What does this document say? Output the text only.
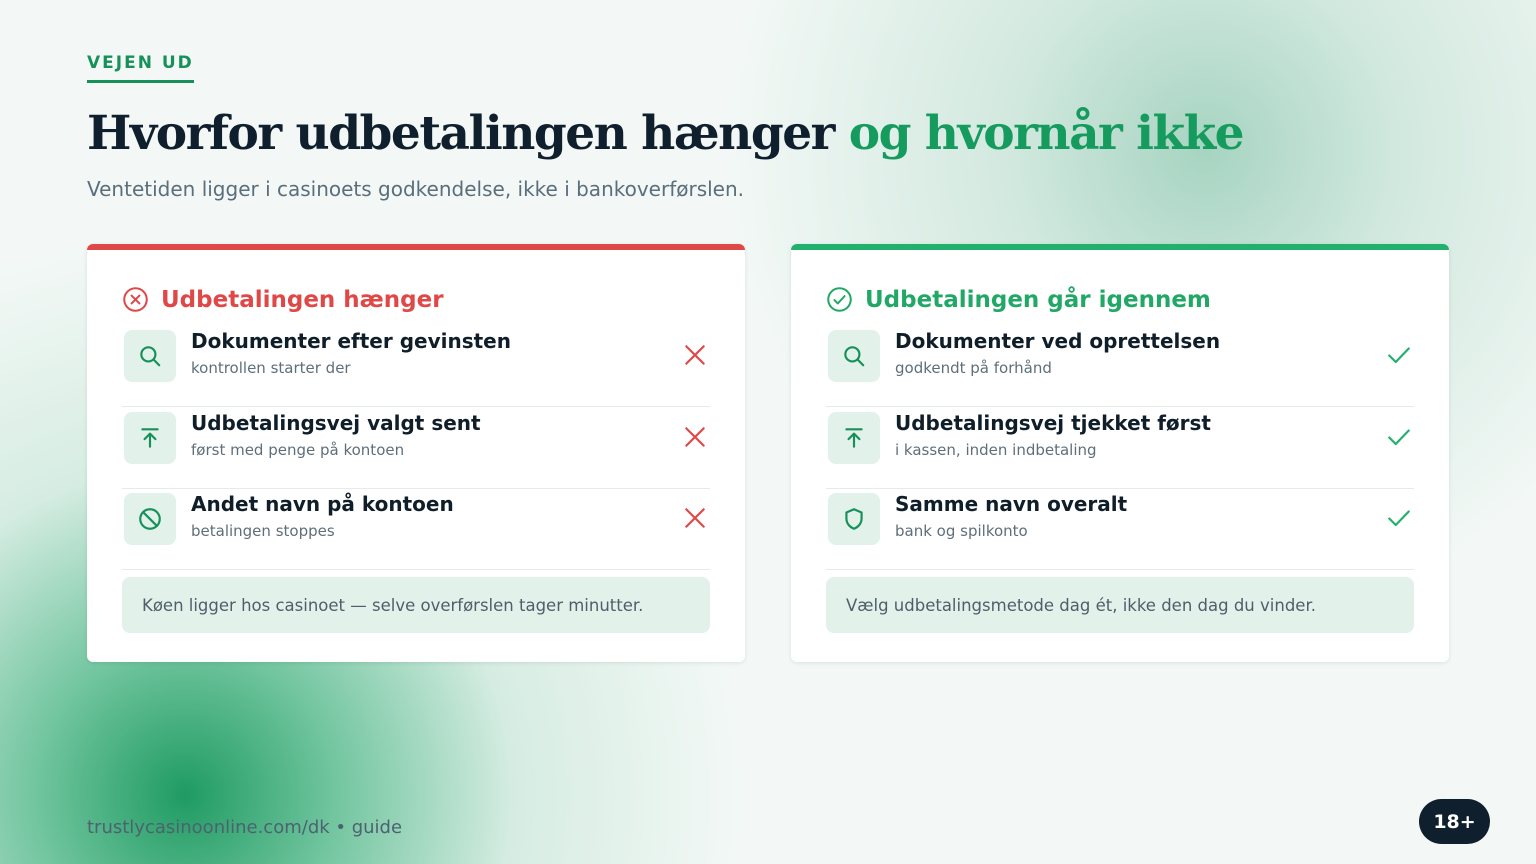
VEJEN UD
Hvorfor udbetalingen hænger og hvornår ikke
Ventetiden ligger i casinoets godkendelse, ikke i bankoverførslen.
Udbetalingen hænger
Dokumenter efter gevinsten
kontrollen starter der
Udbetalingsvej valgt sent
først med penge på kontoen
Andet navn på kontoen
betalingen stoppes
Køen ligger hos casinoet — selve overførslen tager minutter.
Udbetalingen går igennem
Dokumenter ved oprettelsen
godkendt på forhånd
Udbetalingsvej tjekket først
i kassen, inden indbetaling
Samme navn overalt
bank og spilkonto
Vælg udbetalingsmetode dag ét, ikke den dag du vinder.
trustlycasinoonline.com/dk • guide	18+
